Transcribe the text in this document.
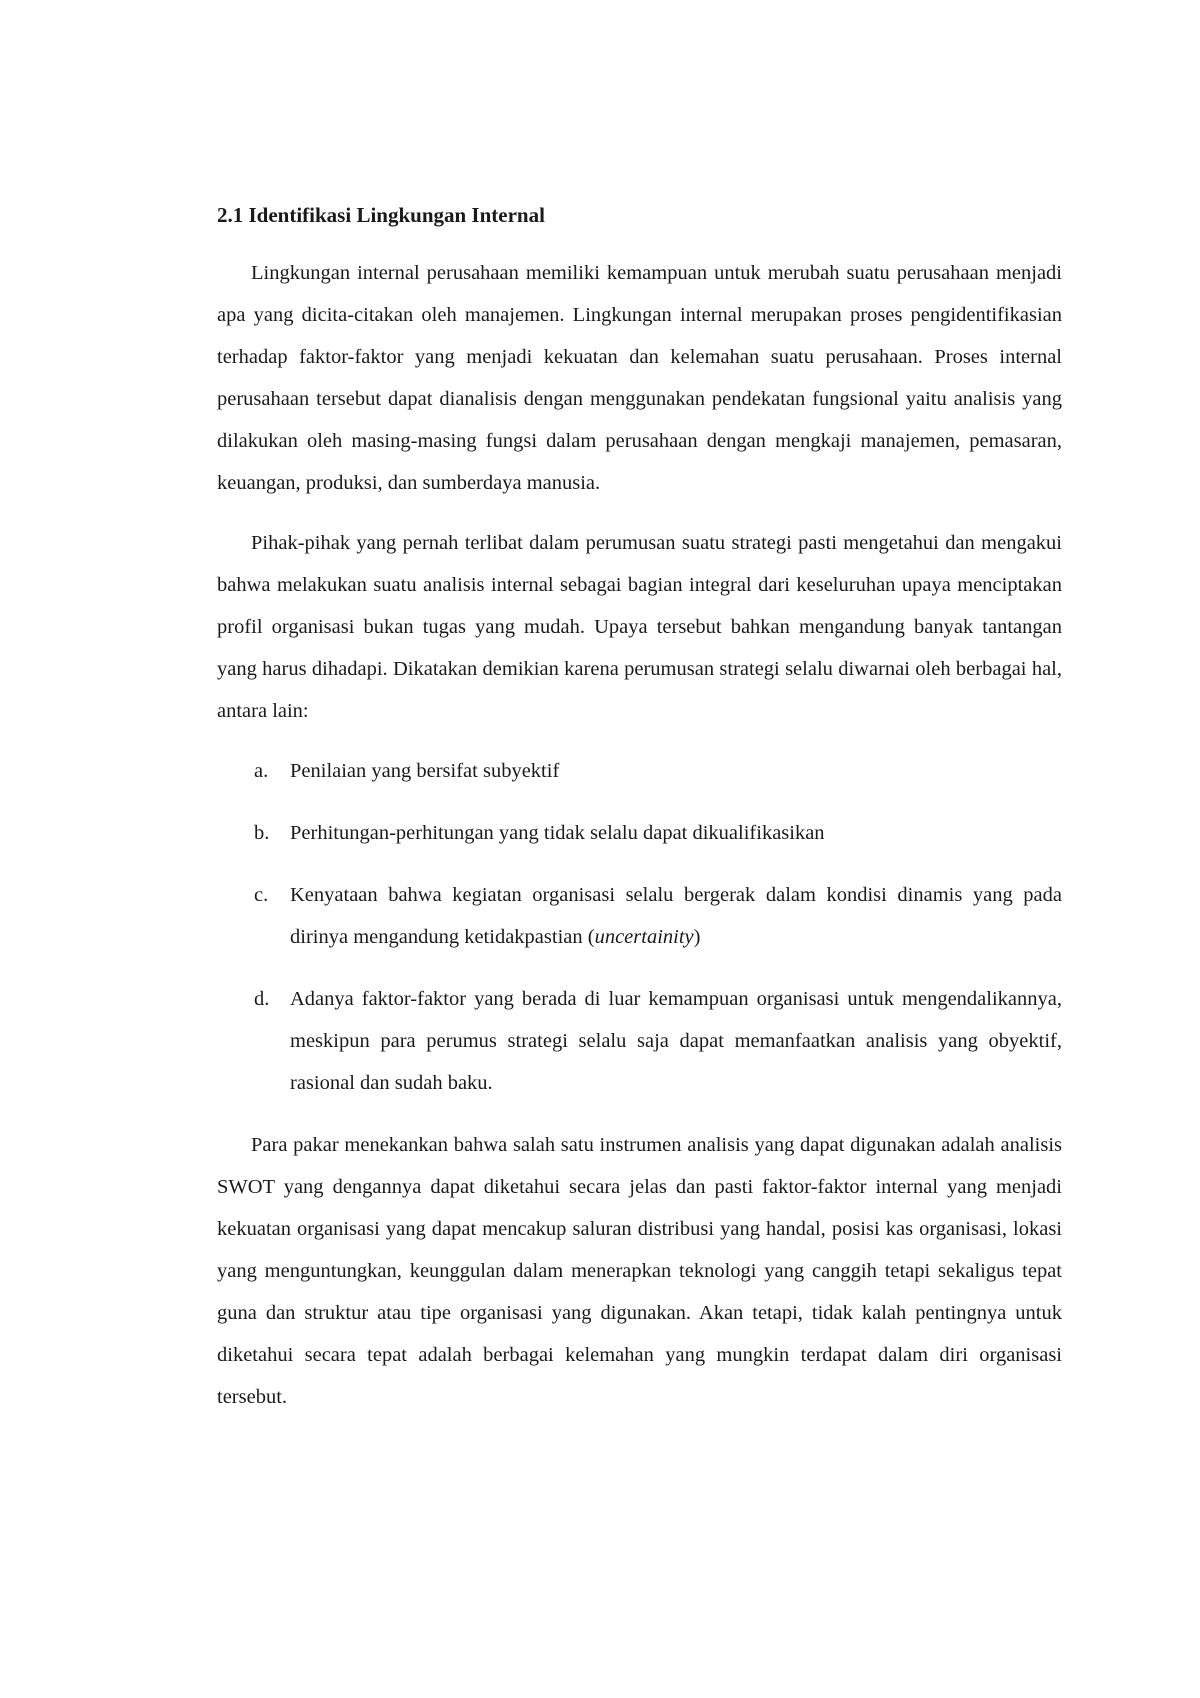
2.1 Identifikasi Lingkungan Internal

Lingkungan internal perusahaan memiliki kemampuan untuk merubah suatu perusahaan menjadi apa yang dicita-citakan oleh manajemen. Lingkungan internal merupakan proses pengidentifikasian terhadap faktor-faktor yang menjadi kekuatan dan kelemahan suatu perusahaan. Proses internal perusahaan tersebut dapat dianalisis dengan menggunakan pendekatan fungsional yaitu analisis yang dilakukan oleh masing-masing fungsi dalam perusahaan dengan mengkaji manajemen, pemasaran, keuangan, produksi, dan sumberdaya manusia.

Pihak-pihak yang pernah terlibat dalam perumusan suatu strategi pasti mengetahui dan mengakui bahwa melakukan suatu analisis internal sebagai bagian integral dari keseluruhan upaya menciptakan profil organisasi bukan tugas yang mudah. Upaya tersebut bahkan mengandung banyak tantangan yang harus dihadapi. Dikatakan demikian karena perumusan strategi selalu diwarnai oleh berbagai hal, antara lain:

a. Penilaian yang bersifat subyektif
b. Perhitungan-perhitungan yang tidak selalu dapat dikualifikasikan
c. Kenyataan bahwa kegiatan organisasi selalu bergerak dalam kondisi dinamis yang pada dirinya mengandung ketidakpastian (uncertainity)
d. Adanya faktor-faktor yang berada di luar kemampuan organisasi untuk mengendalikannya, meskipun para perumus strategi selalu saja dapat memanfaatkan analisis yang obyektif, rasional dan sudah baku.

Para pakar menekankan bahwa salah satu instrumen analisis yang dapat digunakan adalah analisis SWOT yang dengannya dapat diketahui secara jelas dan pasti faktor-faktor internal yang menjadi kekuatan organisasi yang dapat mencakup saluran distribusi yang handal, posisi kas organisasi, lokasi yang menguntungkan, keunggulan dalam menerapkan teknologi yang canggih tetapi sekaligus tepat guna dan struktur atau tipe organisasi yang digunakan. Akan tetapi, tidak kalah pentingnya untuk diketahui secara tepat adalah berbagai kelemahan yang mungkin terdapat dalam diri organisasi tersebut.
